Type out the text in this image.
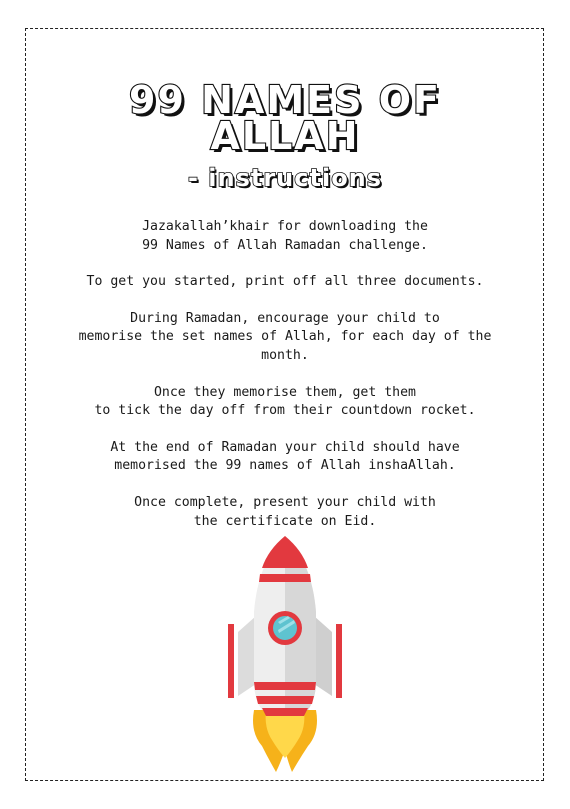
99 NAMES OF
ALLAH
- instructions

Jazakallah’khair for downloading the
99 Names of Allah Ramadan challenge.

To get you started, print off all three documents.

During Ramadan, encourage your child to
memorise the set names of Allah, for each day of the
month.

Once they memorise them, get them
to tick the day off from their countdown rocket.

At the end of Ramadan your child should have
memorised the 99 names of Allah inshaAllah.

Once complete, present your child with
the certificate on Eid.
